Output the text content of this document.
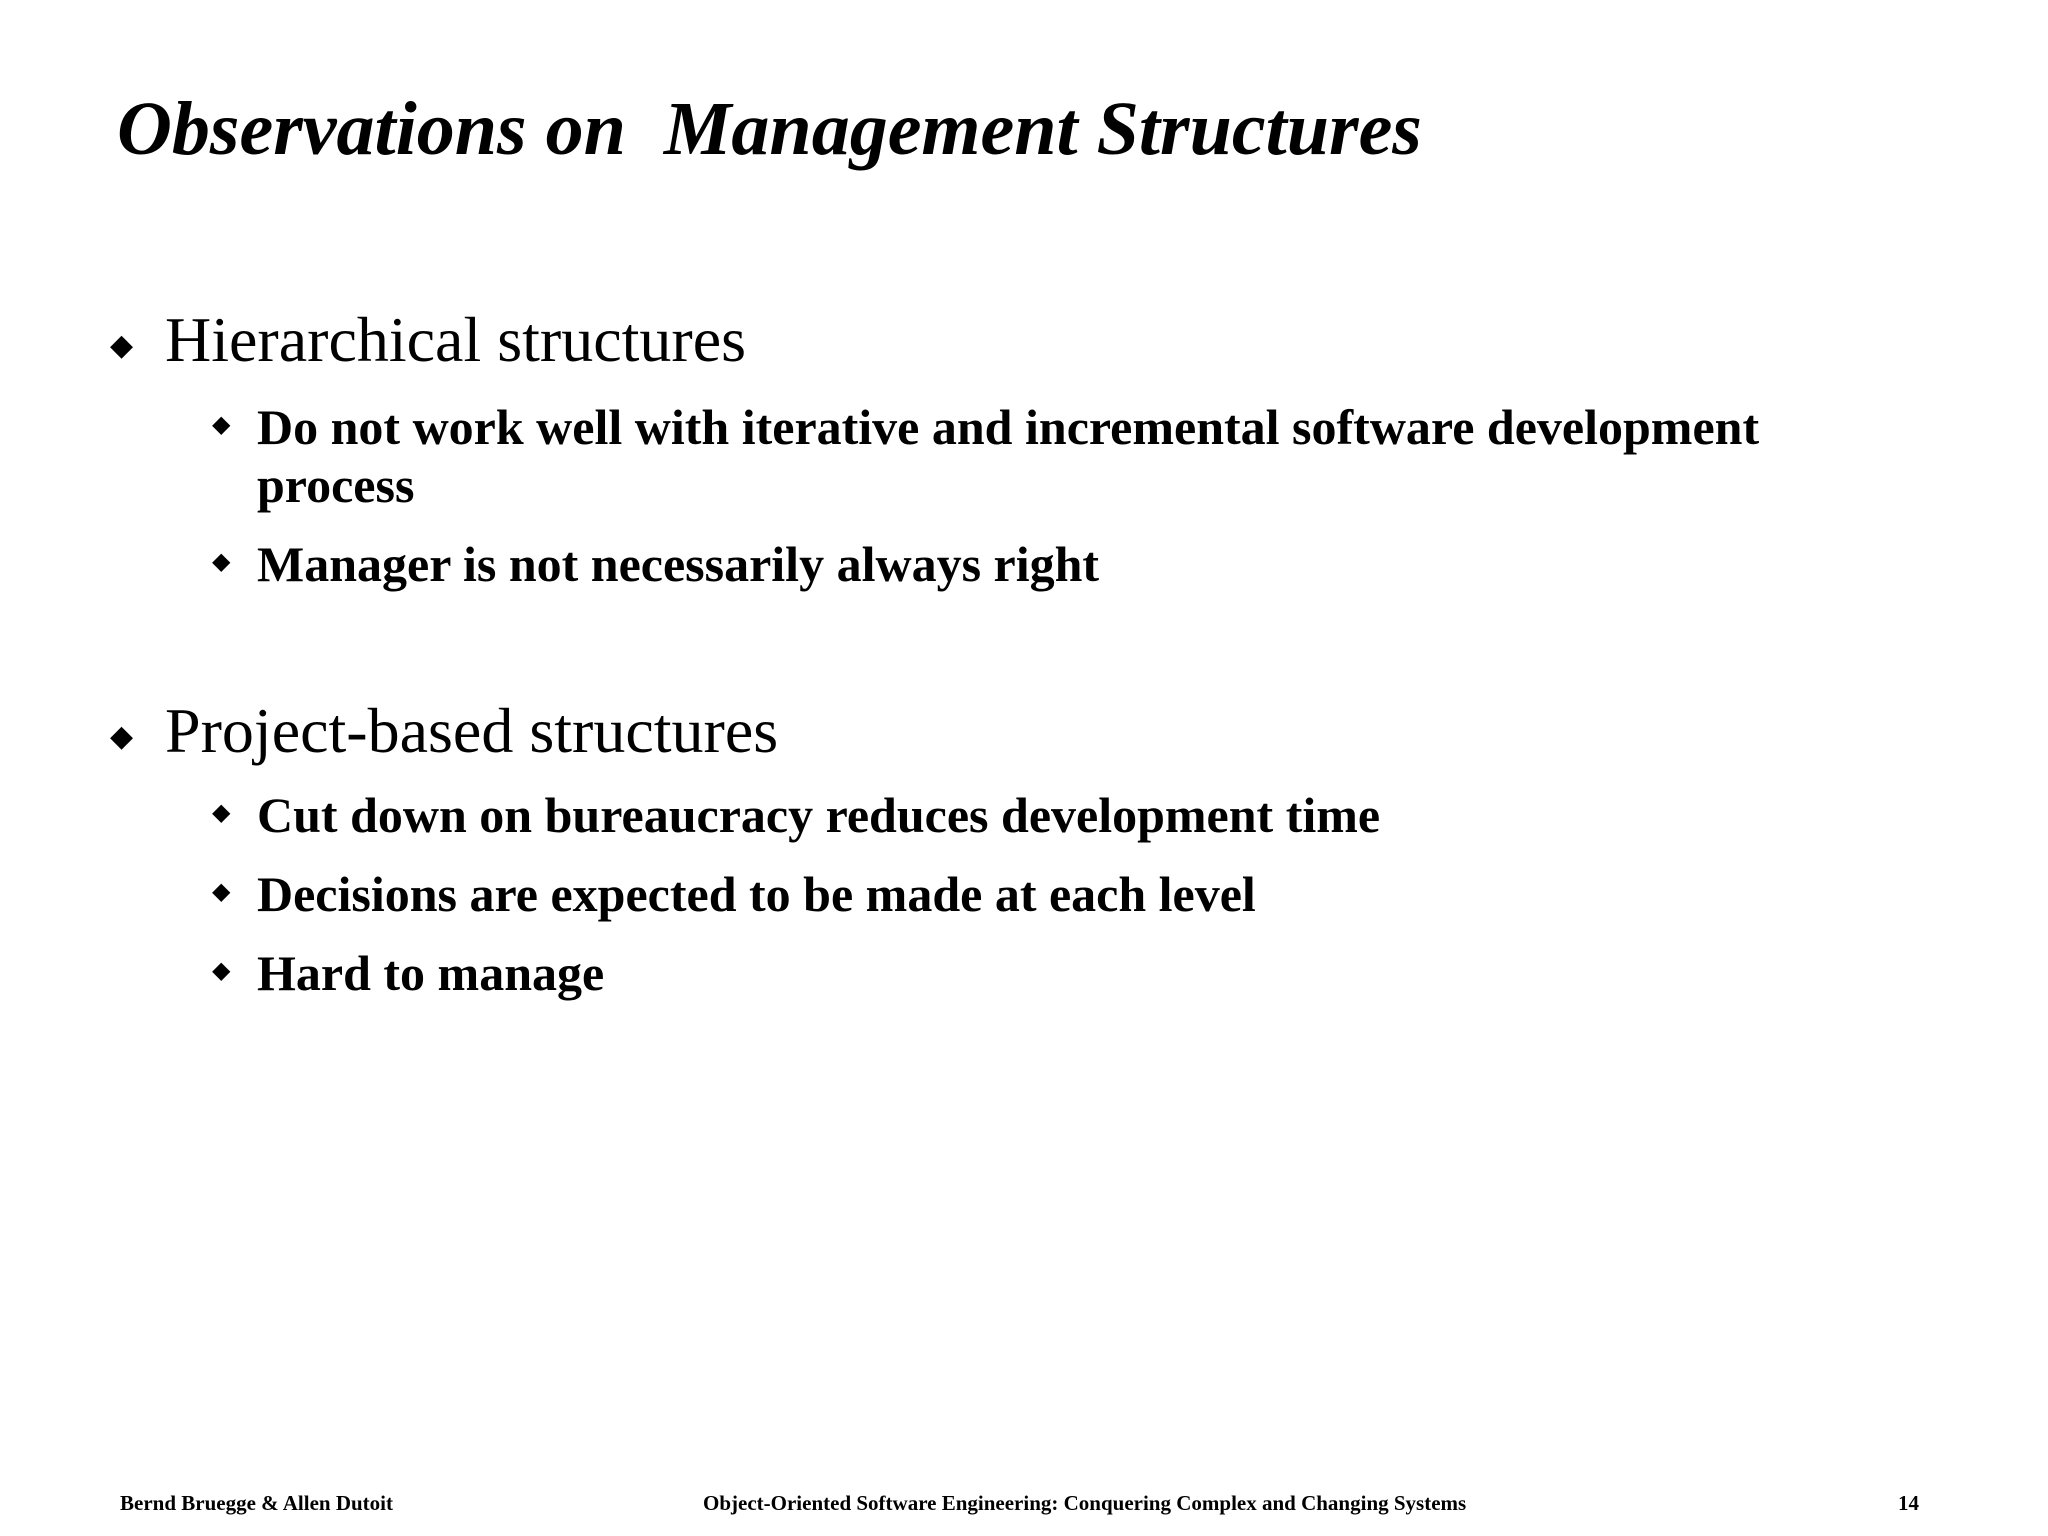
Observations on  Management Structures
◆ Hierarchical structures
◆ Do not work well with iterative and incremental software development process
◆ Manager is not necessarily always right
◆ Project-based structures
◆ Cut down on bureaucracy reduces development time
◆ Decisions are expected to be made at each level
◆ Hard to manage
Bernd Bruegge & Allen Dutoit	Object-Oriented Software Engineering: Conquering Complex and Changing Systems	14
